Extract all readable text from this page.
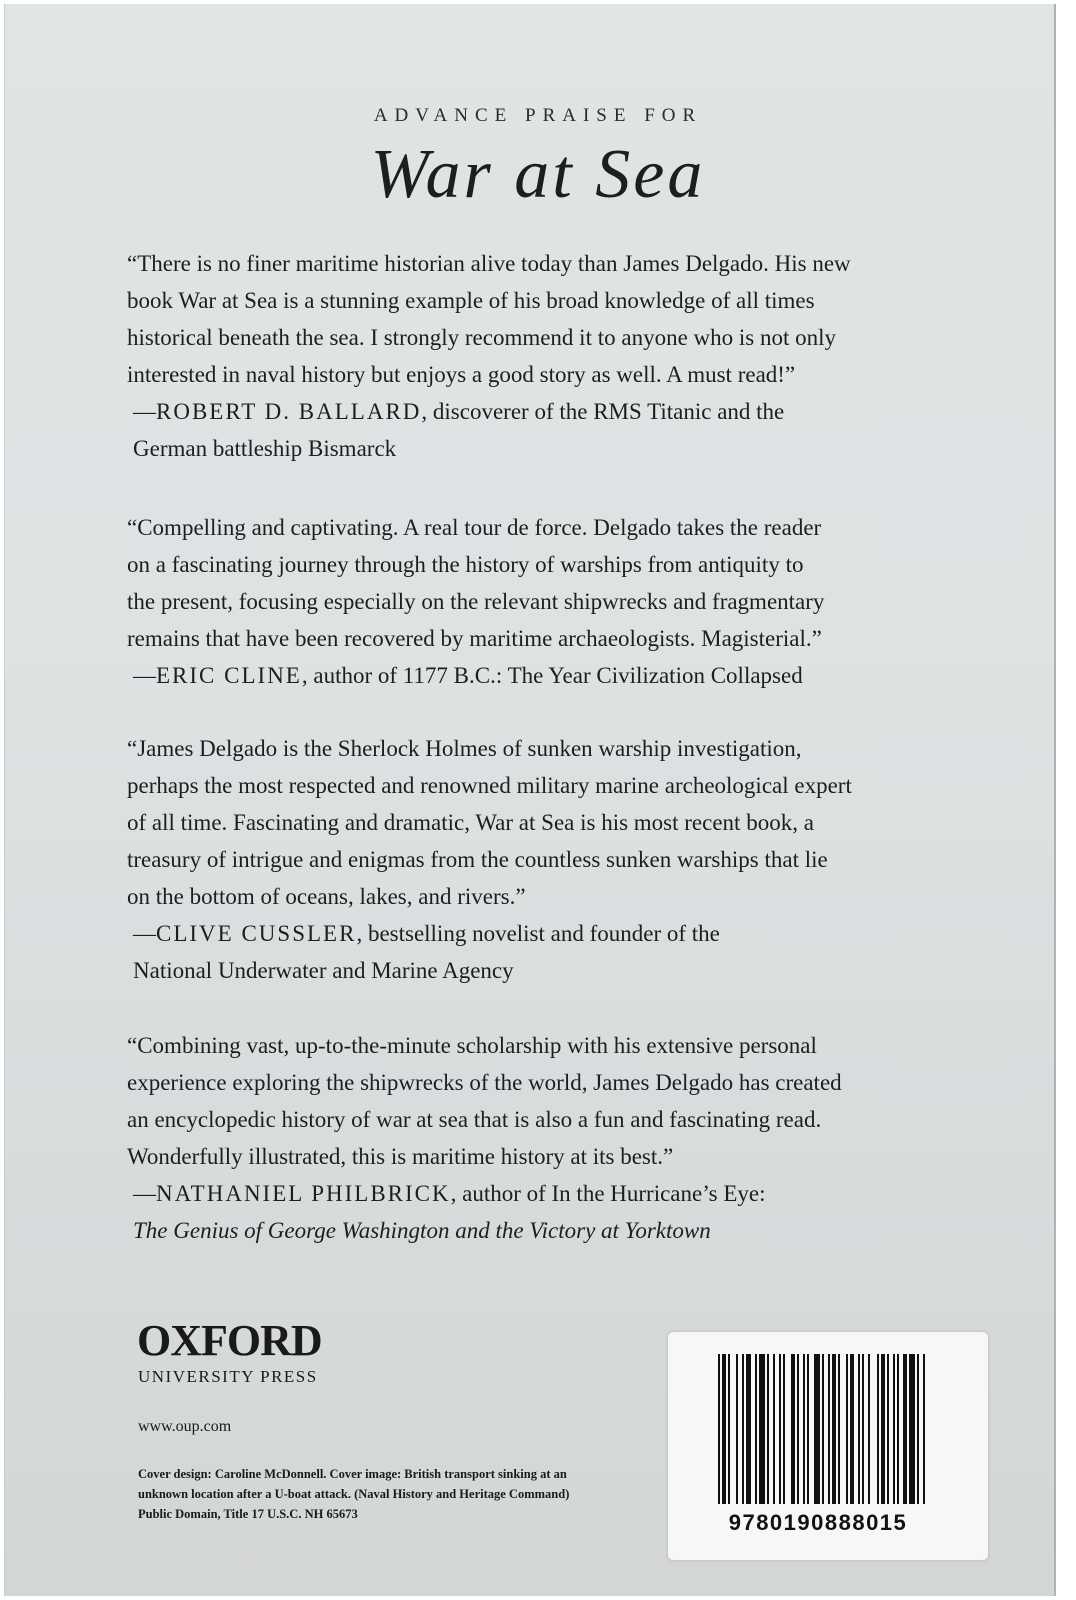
ADVANCE PRAISE FOR
War at Sea

“There is no finer maritime historian alive today than James Delgado. His new

book War at Sea is a stunning example of his broad knowledge of all times

historical beneath the sea. I strongly recommend it to anyone who is not only

interested in naval history but enjoys a good story as well. A must read!”

—ROBERT D. BALLARD, discoverer of the RMS Titanic and the
German battleship Bismarck

“Compelling and captivating. A real tour de force. Delgado takes the reader

on a fascinating journey through the history of warships from antiquity to

the present, focusing especially on the relevant shipwrecks and fragmentary

remains that have been recovered by maritime archaeologists. Magisterial.”

—ERIC CLINE, author of 1177 B.C.: The Year Civilization Collapsed

“James Delgado is the Sherlock Holmes of sunken warship investigation,

perhaps the most respected and renowned military marine archeological expert

of all time. Fascinating and dramatic, War at Sea is his most recent book, a

treasury of intrigue and enigmas from the countless sunken warships that lie

on the bottom of oceans, lakes, and rivers.”

—CLIVE CUSSLER, bestselling novelist and founder of the
National Underwater and Marine Agency

“Combining vast, up-to-the-minute scholarship with his extensive personal

experience exploring the shipwrecks of the world, James Delgado has created

an encyclopedic history of war at sea that is also a fun and fascinating read.

Wonderfully illustrated, this is maritime history at its best.”

—NATHANIEL PHILBRICK, author of In the Hurricane’s Eye:
The Genius of George Washington and the Victory at Yorktown
OXFORD
UNIVERSITY PRESS
www.oup.com
Cover design: Caroline McDonnell. Cover image: British transport sinking at an
unknown location after a U-boat attack. (Naval History and Heritage Command)
Public Domain, Title 17 U.S.C. NH 65673	9780190888015
